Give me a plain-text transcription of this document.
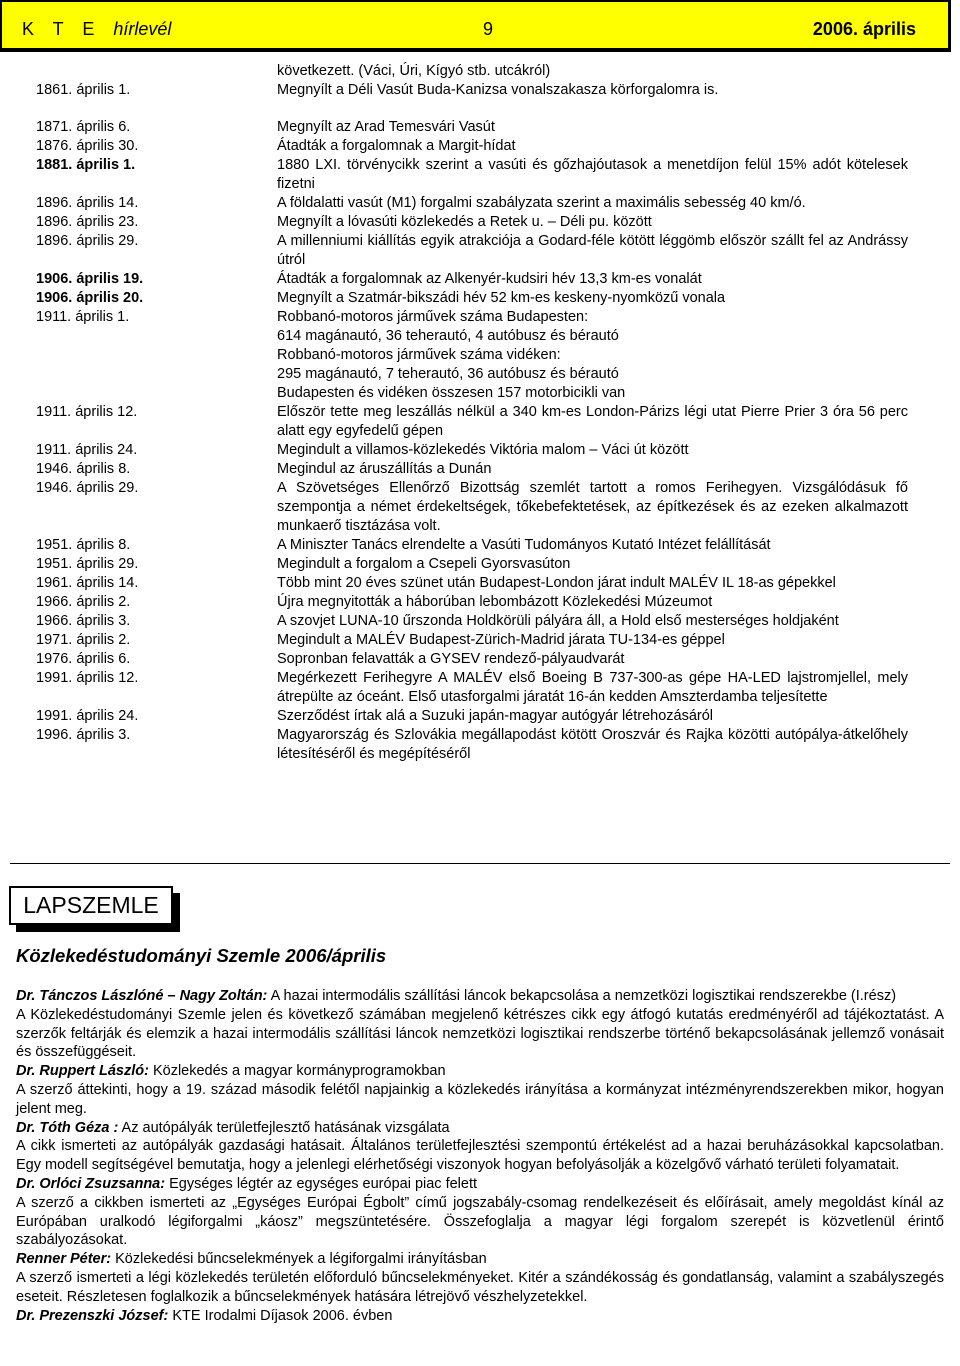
K T E hírlevél	9	2006. április
következett. (Váci, Úri, Kígyó stb. utcákról)
1861. április 1.	Megnyílt a Déli Vasút Buda-Kanizsa vonalszakasza körforgalomra is.
1871. április 6.	Megnyílt az Arad Temesvári Vasút
1876. április 30.	Átadták a forgalomnak a Margit-hídat
1881. április 1.	1880 LXI. törvénycikk szerint a vasúti és gőzhajóutasok a menetdíjon felül 15% adót kötelesek fizetni
1896. április 14.	A földalatti vasút (M1) forgalmi szabályzata szerint a maximális sebesség 40 km/ó.
1896. április 23.	Megnyílt a lóvasúti közlekedés a Retek u. – Déli pu. között
1896. április 29.	A millenniumi kiállítás egyik atrakciója a Godard-féle kötött léggömb először szállt fel az Andrássy útról
1906. április 19.	Átadták a forgalomnak az Alkenyér-kudsiri hév 13,3 km-es vonalát
1906. április 20.	Megnyílt a Szatmár-bikszádi hév 52 km-es keskeny-nyomközű vonala
1911. április 1.	Robbanó-motoros járművek száma Budapesten:
614 magánautó, 36 teherautó, 4 autóbusz és bérautó
Robbanó-motoros járművek száma vidéken:
295 magánautó, 7 teherautó, 36 autóbusz és bérautó
Budapesten és vidéken összesen 157 motorbicikli van
1911. április 12.	Először tette meg leszállás nélkül a 340 km-es London-Párizs légi utat Pierre Prier 3 óra 56 perc alatt egy egyfedelű gépen
1911. április 24.	Megindult a villamos-közlekedés Viktória malom – Váci út között
1946. április 8.	Megindul az áruszállítás a Dunán
1946. április 29.	A Szövetséges Ellenőrző Bizottság szemlét tartott a romos Ferihegyen. Vizsgálódásuk fő szempontja a német érdekeltségek, tőkebefektetések, az építkezések és az ezeken alkalmazott munkaerő tisztázása volt.
1951. április 8.	A Miniszter Tanács elrendelte a Vasúti Tudományos Kutató Intézet felállítását
1951. április 29.	Megindult a forgalom a Csepeli Gyorsvasúton
1961. április 14.	Több mint 20 éves szünet után Budapest-London járat indult MALÉV IL 18-as gépekkel
1966. április 2.	Újra megnyitották a háborúban lebombázott Közlekedési Múzeumot
1966. április 3.	A szovjet LUNA-10 űrszonda Holdkörüli pályára áll, a Hold első mesterséges holdjaként
1971. április 2.	Megindult a MALÉV Budapest-Zürich-Madrid járata TU-134-es géppel
1976. április 6.	Sopronban felavatták a GYSEV rendező-pályaudvarát
1991. április 12.	Megérkezett Ferihegyre A MALÉV első Boeing B 737-300-as gépe HA-LED lajstromjellel, mely átrepülte az óceánt. Első utasforgalmi járatát 16-án kedden Amszterdamba teljesítette
1991. április 24.	Szerződést írtak alá a Suzuki japán-magyar autógyár létrehozásáról
1996. április 3.	Magyarország és Szlovákia megállapodást kötött Oroszvár és Rajka közötti autópálya-átkelőhely létesítéséről és megépítéséről
LAPSZEMLE
Közlekedéstudományi Szemle 2006/április

Dr. Tánczos Lászlóné – Nagy Zoltán: A hazai intermodális szállítási láncok bekapcsolása a nemzetközi logisztikai rendszerekbe (I.rész)

A Közlekedéstudományi Szemle jelen és következő számában megjelenő kétrészes cikk egy átfogó kutatás eredményéről ad tájékoztatást. A szerzők feltárják és elemzik a hazai intermodális szállítási láncok nemzetközi logisztikai rendszerbe történő bekapcsolásának jellemző vonásait és összefüggéseit.

Dr. Ruppert László: Közlekedés a magyar kormányprogramokban

A szerző áttekinti, hogy a 19. század második felétől napjainkig a közlekedés irányítása a kormányzat intézményrendszerekben mikor, hogyan jelent meg.

Dr. Tóth Géza : Az autópályák területfejlesztő hatásának vizsgálata

A cikk ismerteti az autópályák gazdasági hatásait. Általános területfejlesztési szempontú értékelést ad a hazai beruházásokkal kapcsolatban. Egy modell segítségével bemutatja, hogy a jelenlegi elérhetőségi viszonyok hogyan befolyásolják a közelgővő várható területi folyamatait.

Dr. Orlóci Zsuzsanna: Egységes légtér az egységes európai piac felett

A szerző a cikkben ismerteti az „Egységes Európai Égbolt” című jogszabály-csomag rendelkezéseit és előírásait, amely megoldást kínál az Európában uralkodó légiforgalmi „káosz” megszüntetésére. Összefoglalja a magyar légi forgalom szerepét is közvetlenül érintő szabályozásokat.

Renner Péter: Közlekedési bűncselekmények a légiforgalmi irányításban

A szerző ismerteti a légi közlekedés területén előforduló bűncselekményeket. Kitér a szándékosság és gondatlanság, valamint a szabályszegés eseteit. Részletesen foglalkozik a bűncselekmények hatására létrejövő vészhelyzetekkel.

Dr. Prezenszki József: KTE Irodalmi Díjasok 2006. évben
